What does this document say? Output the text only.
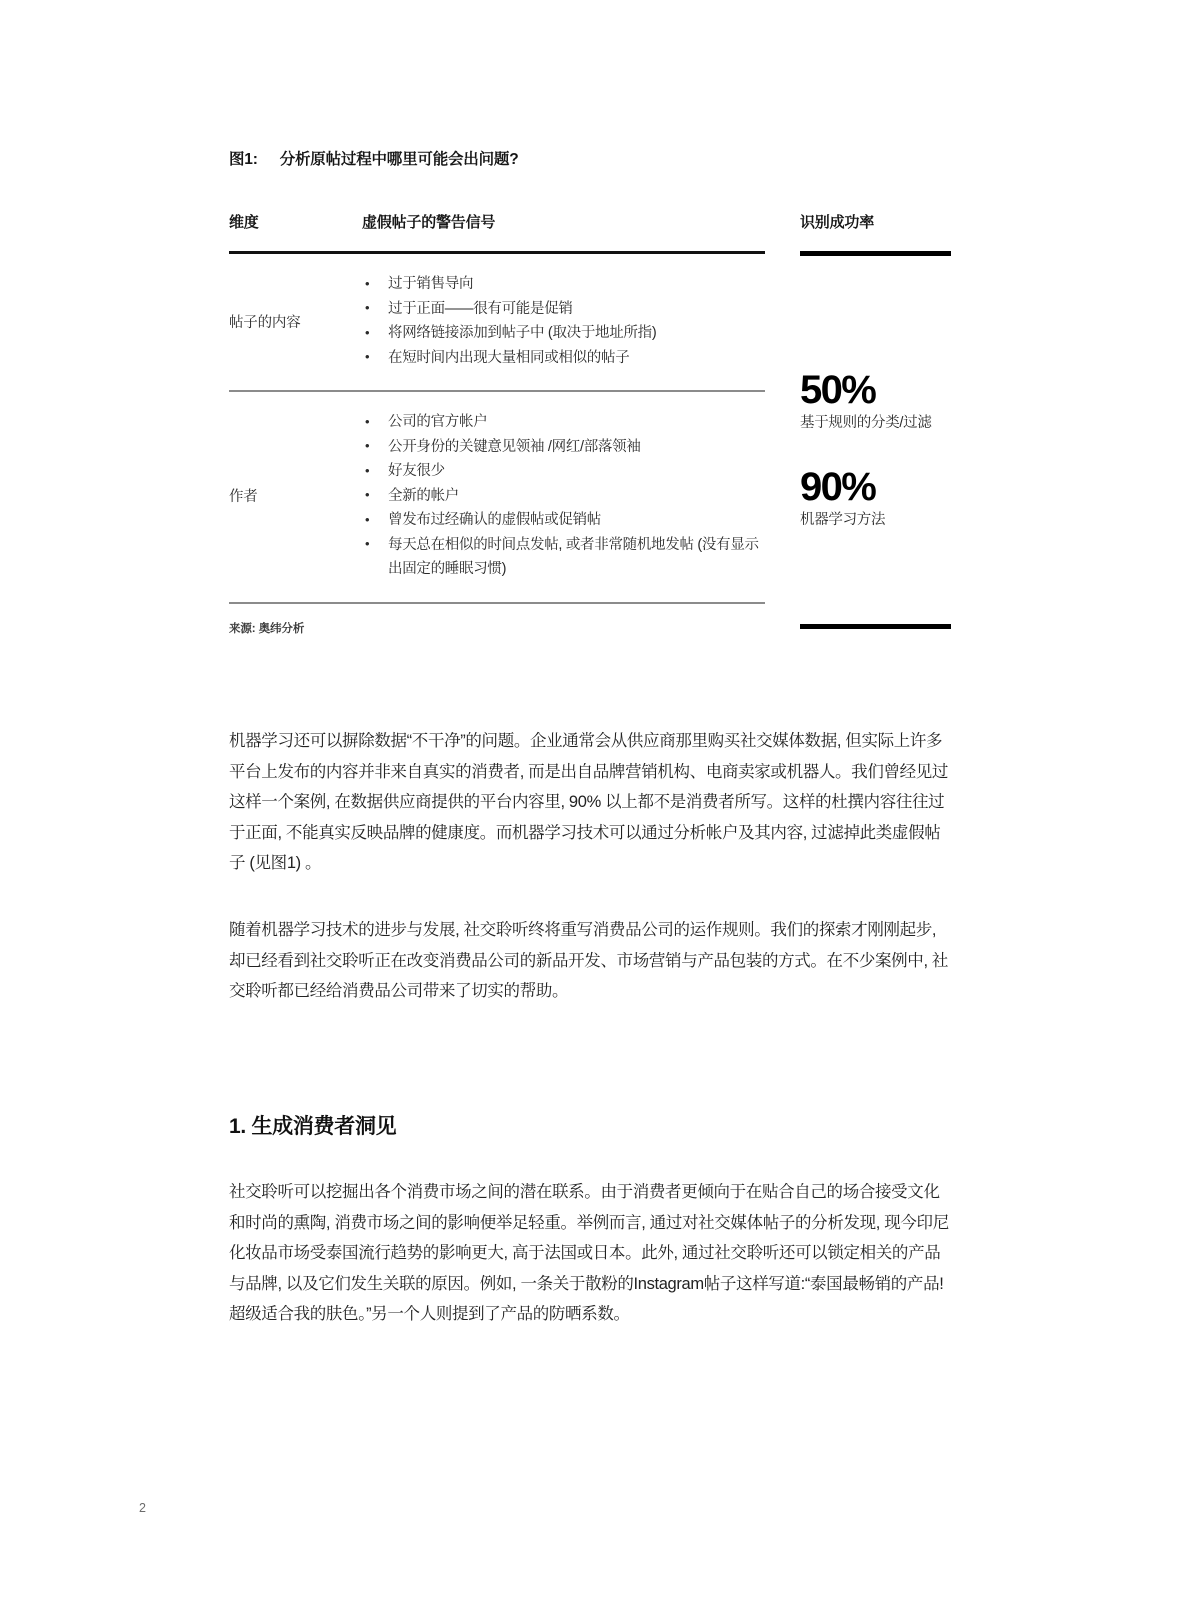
图1: 分析原帖过程中哪里可能会出问题?
维度	虚假帖子的警告信号
帖子的内容
• 过于销售导向
• 过于正面——很有可能是促销
• 将网络链接添加到帖子中 (取决于地址所指)
• 在短时间内出现大量相同或相似的帖子
作者
• 公司的官方帐户
• 公开身份的关键意见领袖 /网红/部落领袖
• 好友很少
• 全新的帐户
• 曾发布过经确认的虚假帖或促销帖
• 每天总在相似的时间点发帖, 或者非常随机地发帖 (没有显示出固定的睡眠习惯)
来源: 奥纬分析
识别成功率
50%
基于规则的分类/过滤
90%
机器学习方法

机器学习还可以摒除数据“不干净”的问题。企业通常会从供应商那里购买社交媒体数据, 但实际上许多平台上发布的内容并非来自真实的消费者, 而是出自品牌营销机构、电商卖家或机器人。我们曾经见过这样一个案例, 在数据供应商提供的平台内容里, 90% 以上都不是消费者所写。这样的杜撰内容往往过于正面, 不能真实反映品牌的健康度。而机器学习技术可以通过分析帐户及其内容, 过滤掉此类虚假帖子 (见图1) 。

随着机器学习技术的进步与发展, 社交聆听终将重写消费品公司的运作规则。我们的探索才刚刚起步, 却已经看到社交聆听正在改变消费品公司的新品开发、市场营销与产品包装的方式。在不少案例中, 社交聆听都已经给消费品公司带来了切实的帮助。

1. 生成消费者洞见

社交聆听可以挖掘出各个消费市场之间的潜在联系。由于消费者更倾向于在贴合自己的场合接受文化和时尚的熏陶, 消费市场之间的影响便举足轻重。举例而言, 通过对社交媒体帖子的分析发现, 现今印尼化妆品市场受泰国流行趋势的影响更大, 高于法国或日本。此外, 通过社交聆听还可以锁定相关的产品与品牌, 以及它们发生关联的原因。例如, 一条关于散粉的Instagram帖子这样写道:“泰国最畅销的产品!超级适合我的肤色。”另一个人则提到了产品的防晒系数。

2
